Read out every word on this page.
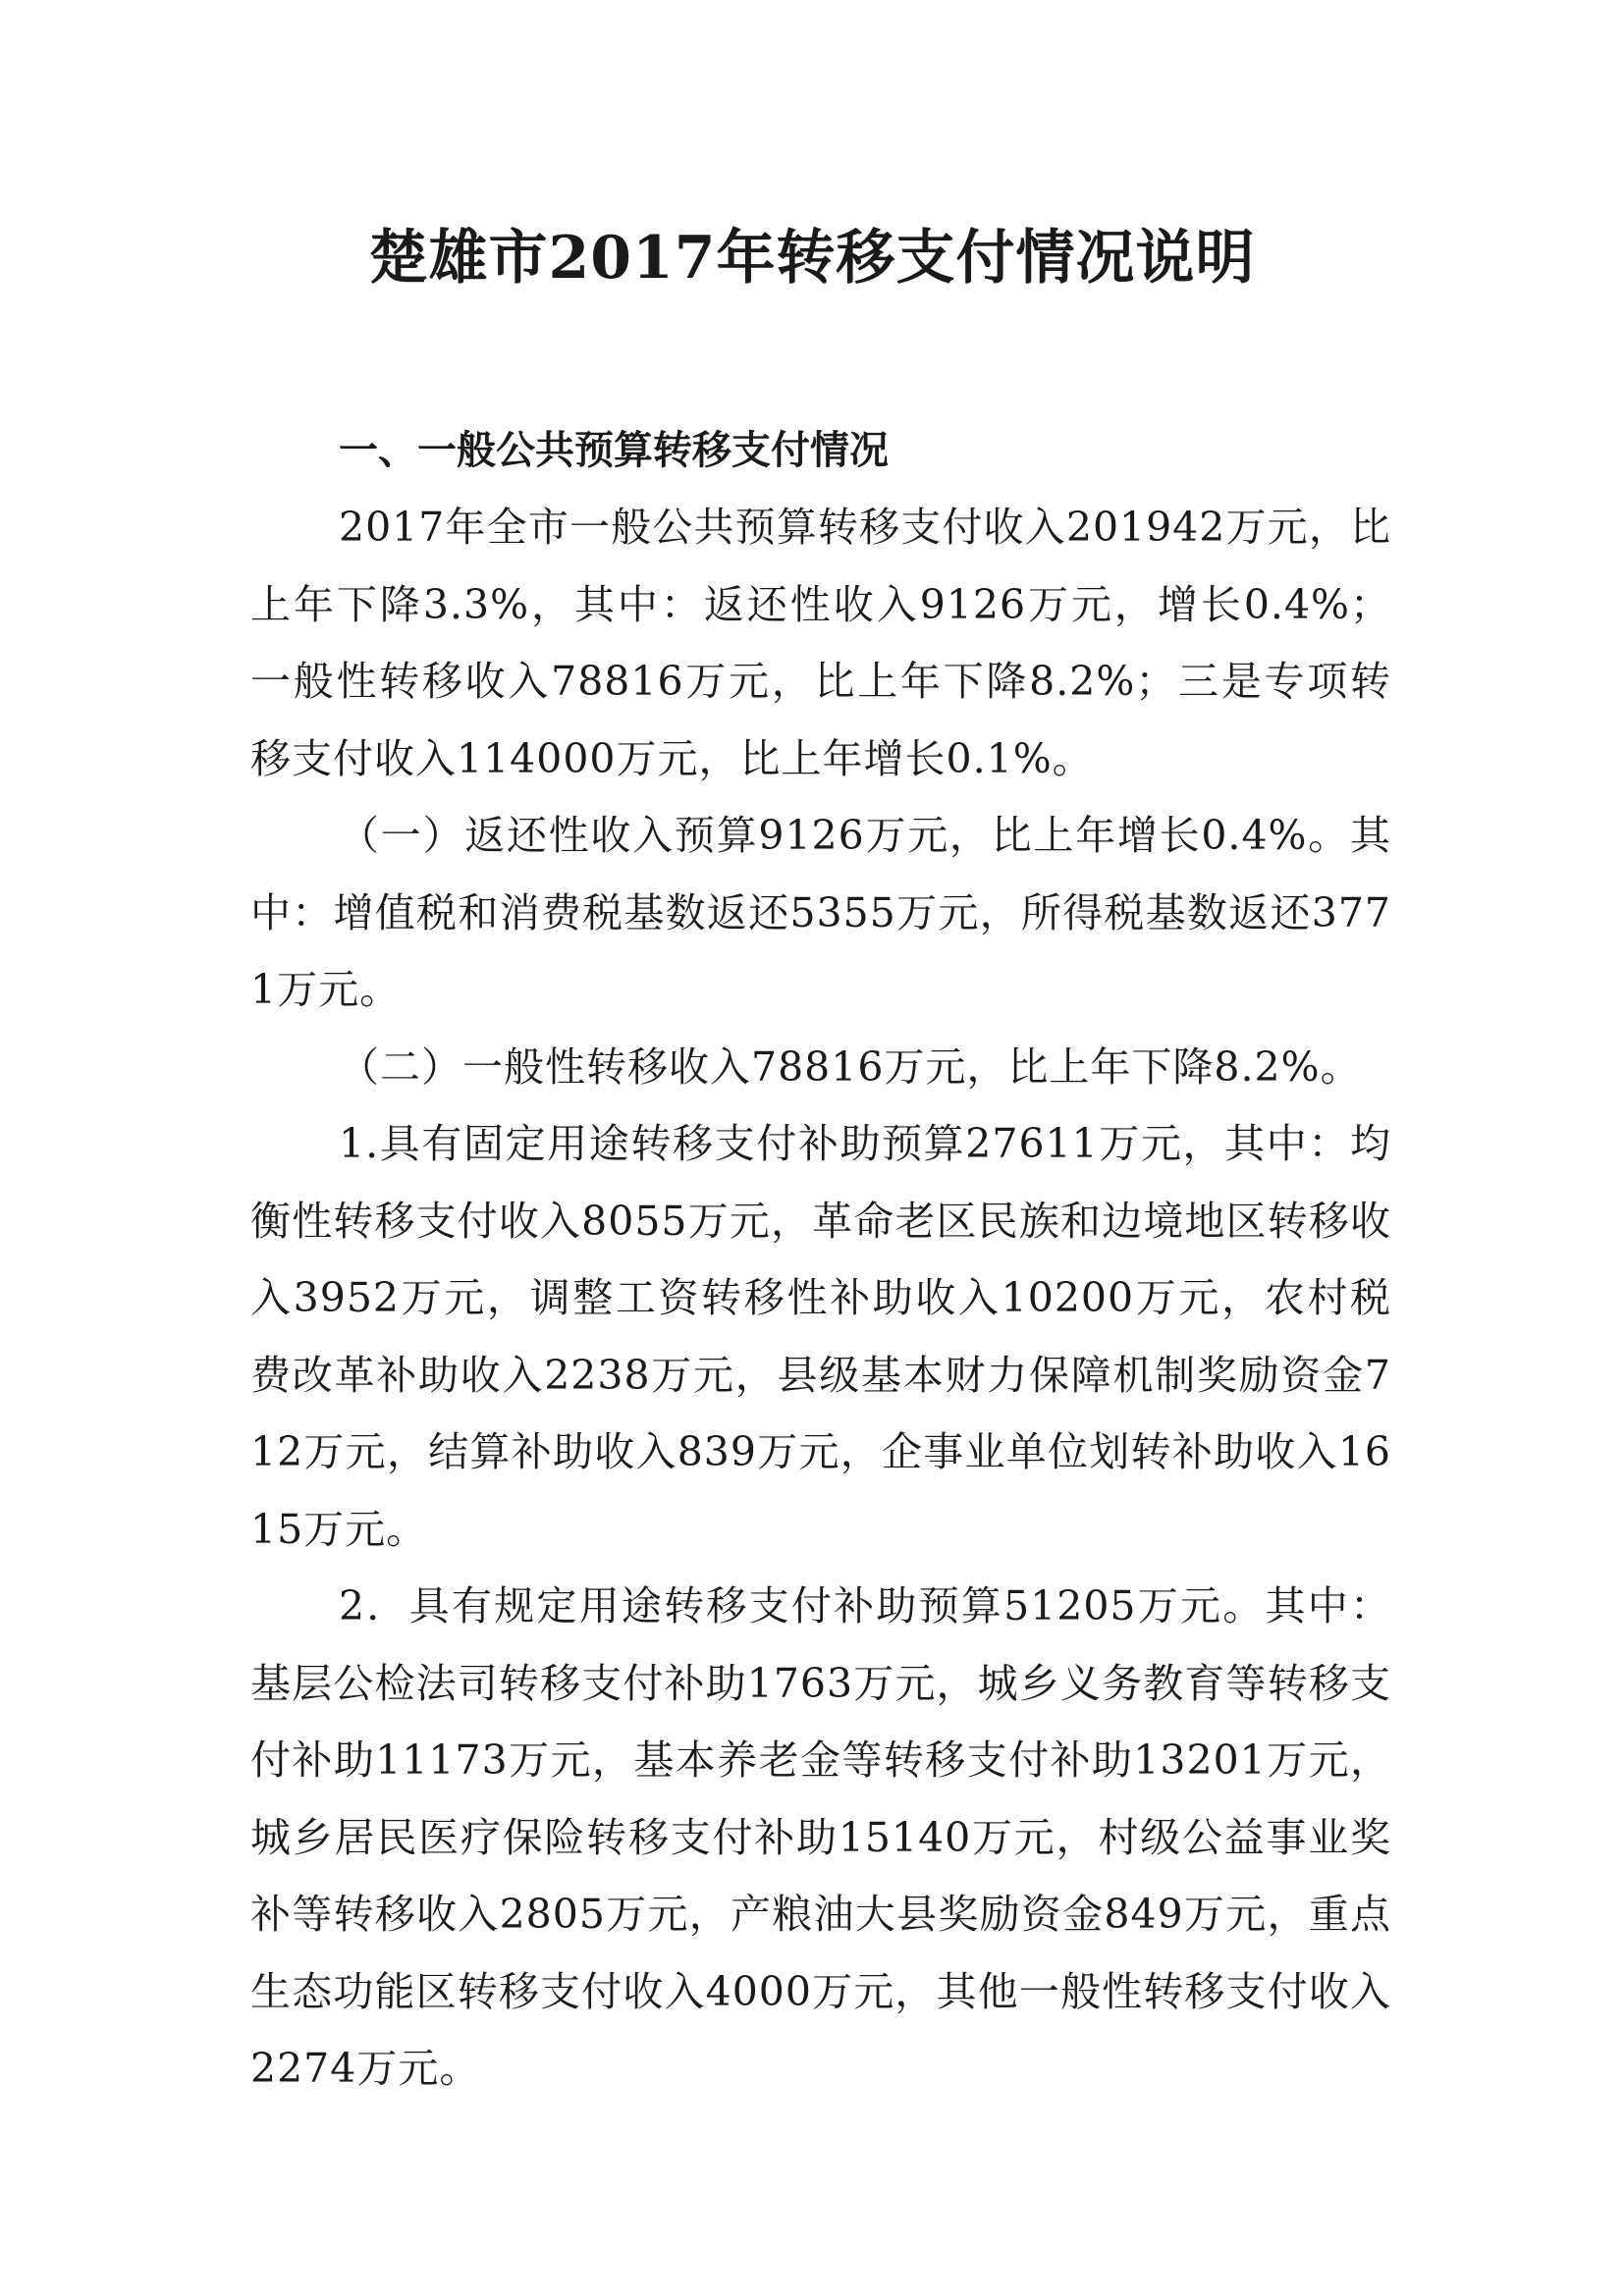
楚雄市2017年转移支付情况说明
一、一般公共预算转移支付情况

2017年全市一般公共预算转移支付收入201942万元，比上年下降3.3%，其中：返还性收入9126万元，增长0.4%；一般性转移收入78816万元，比上年下降8.2%；三是专项转移支付收入114000万元，比上年增长0.1%。

（一）返还性收入预算9126万元，比上年增长0.4%。其中：增值税和消费税基数返还5355万元，所得税基数返还3771万元。

（二）一般性转移收入78816万元，比上年下降8.2%。

1.具有固定用途转移支付补助预算27611万元，其中：均衡性转移支付收入8055万元，革命老区民族和边境地区转移收入3952万元，调整工资转移性补助收入10200万元，农村税费改革补助收入2238万元，县级基本财力保障机制奖励资金712万元，结算补助收入839万元，企事业单位划转补助收入1615万元。

2．具有规定用途转移支付补助预算51205万元。其中：基层公检法司转移支付补助1763万元，城乡义务教育等转移支付补助11173万元，基本养老金等转移支付补助13201万元，城乡居民医疗保险转移支付补助15140万元，村级公益事业奖补等转移收入2805万元，产粮油大县奖励资金849万元，重点生态功能区转移支付收入4000万元，其他一般性转移支付收入2274万元。
